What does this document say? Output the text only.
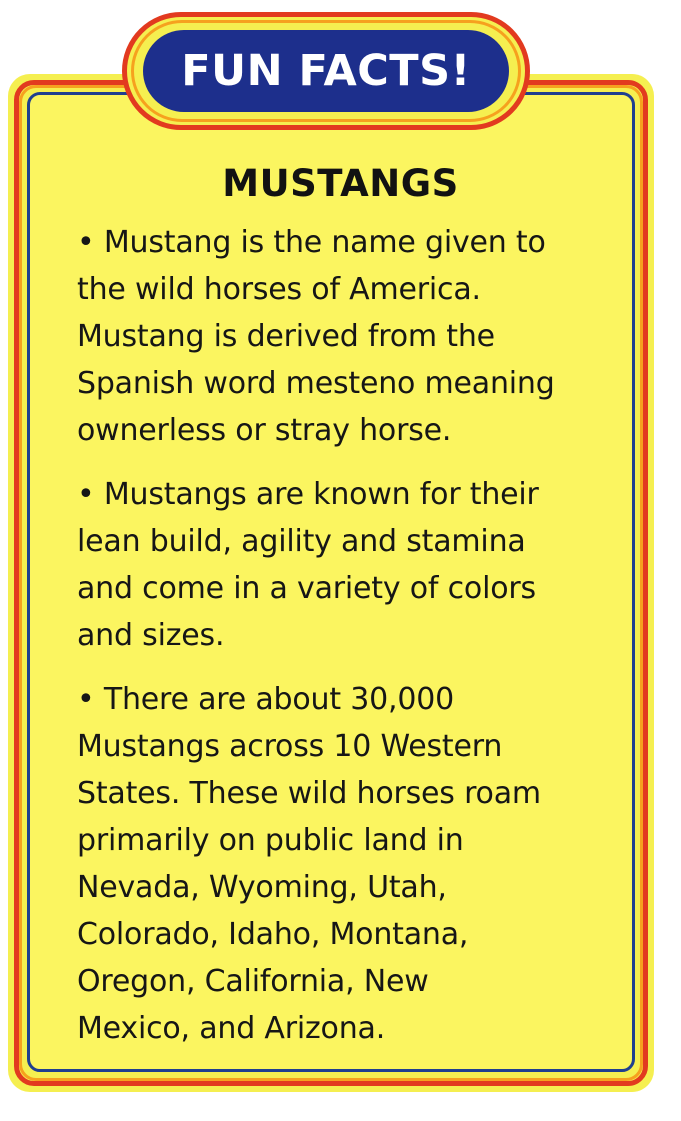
FUN FACTS!
MUSTANGS
• Mustang is the name given to
the wild horses of America.
Mustang is derived from the
Spanish word mesteno meaning
ownerless or stray horse.
• Mustangs are known for their
lean build, agility and stamina
and come in a variety of colors
and sizes.
• There are about 30,000
Mustangs across 10 Western
States. These wild horses roam
primarily on public land in
Nevada, Wyoming, Utah,
Colorado, Idaho, Montana,
Oregon, California, New
Mexico, and Arizona.
